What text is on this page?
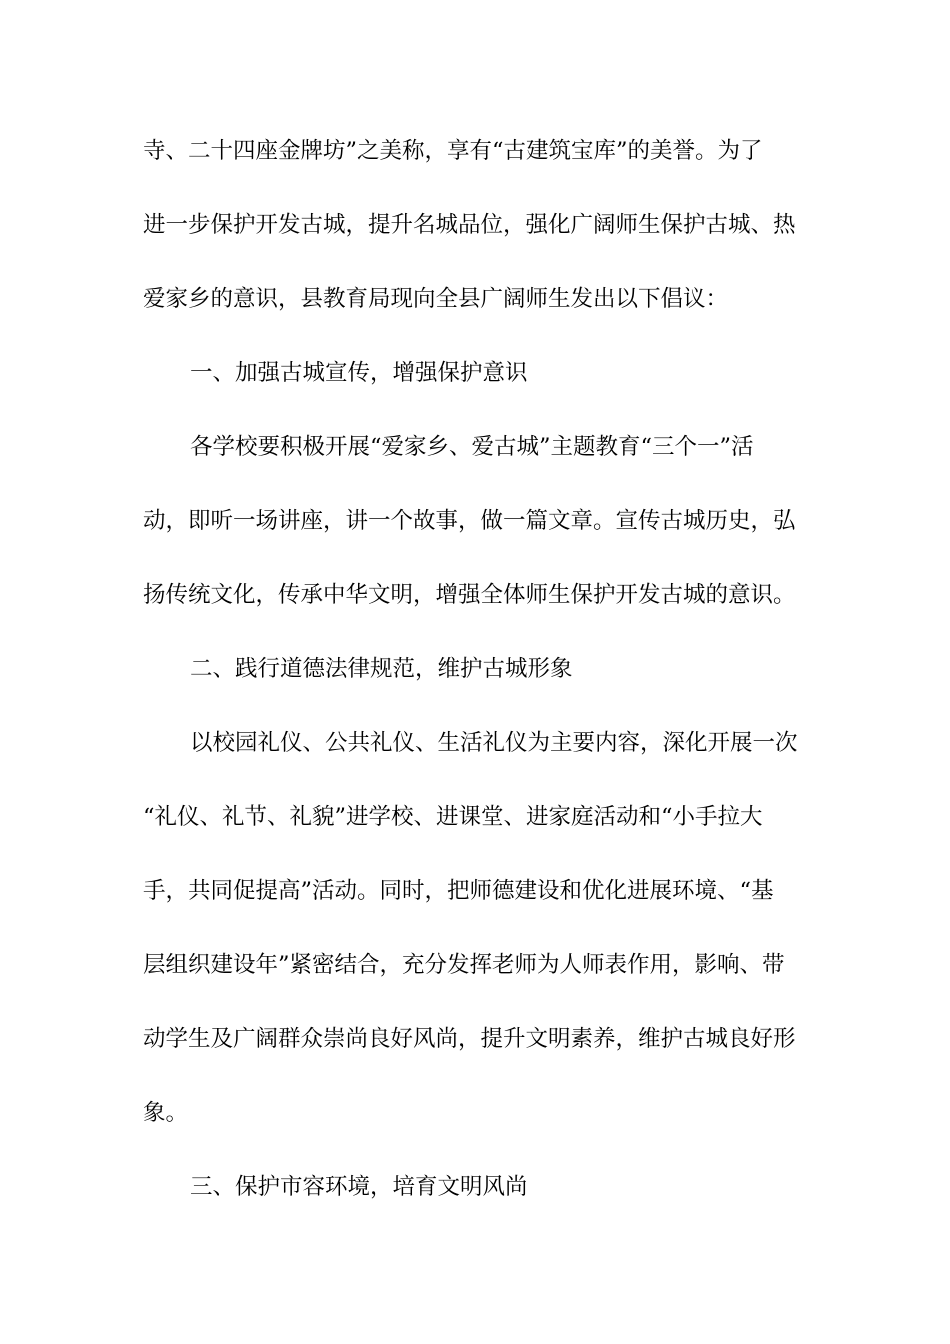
寺、二十四座金牌坊”之美称，享有“古建筑宝库”的美誉。为了
进一步保护开发古城，提升名城品位，强化广阔师生保护古城、热
爱家乡的意识，县教育局现向全县广阔师生发出以下倡议：
一、加强古城宣传，增强保护意识
各学校要积极开展“爱家乡、爱古城”主题教育“三个一”活
动，即听一场讲座，讲一个故事，做一篇文章。宣传古城历史，弘
扬传统文化，传承中华文明，增强全体师生保护开发古城的意识。
二、践行道德法律规范，维护古城形象
以校园礼仪、公共礼仪、生活礼仪为主要内容，深化开展一次
“礼仪、礼节、礼貌”进学校、进课堂、进家庭活动和“小手拉大
手，共同促提高”活动。同时，把师德建设和优化进展环境、“基
层组织建设年”紧密结合，充分发挥老师为人师表作用，影响、带
动学生及广阔群众崇尚良好风尚，提升文明素养，维护古城良好形
象。
三、保护市容环境，培育文明风尚
